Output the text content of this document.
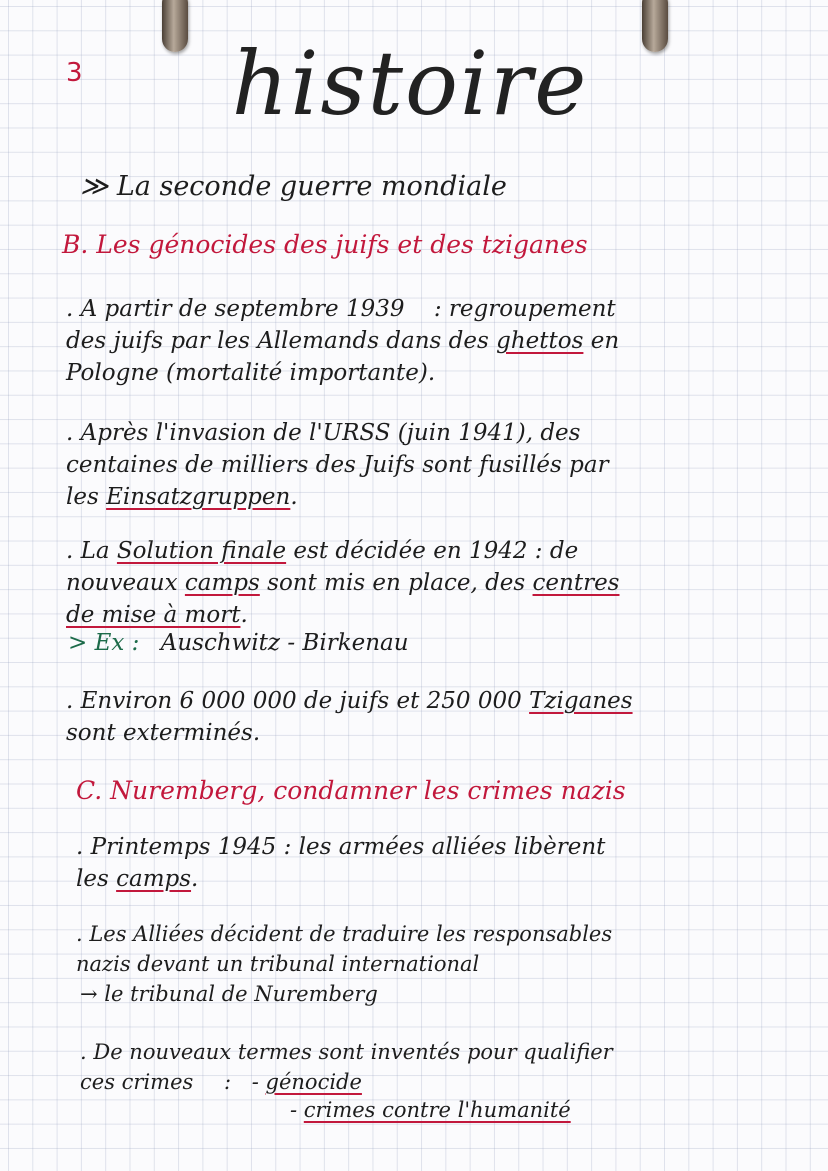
3	histoire
≫ La seconde guerre mondiale
B. Les génocides des juifs et des tziganes
. A partir de septembre 1939 : regroupement
des juifs par les Allemands dans des ghettos en
Pologne (mortalité importante).
. Après l'invasion de l'URSS (juin 1941), des
centaines de milliers des Juifs sont fusillés par
les Einsatzgruppen.
. La Solution finale est décidée en 1942 : de
nouveaux camps sont mis en place, des centres
de mise à mort.
> Ex : Auschwitz - Birkenau
. Environ 6 000 000 de juifs et 250 000 Tziganes
sont exterminés.
C. Nuremberg, condamner les crimes nazis
. Printemps 1945 : les armées alliées libèrent
les camps.
. Les Alliées décident de traduire les responsables
nazis devant un tribunal international
→ le tribunal de Nuremberg
. De nouveaux termes sont inventés pour qualifier
ces crimes : - génocide
- crimes contre l'humanité
